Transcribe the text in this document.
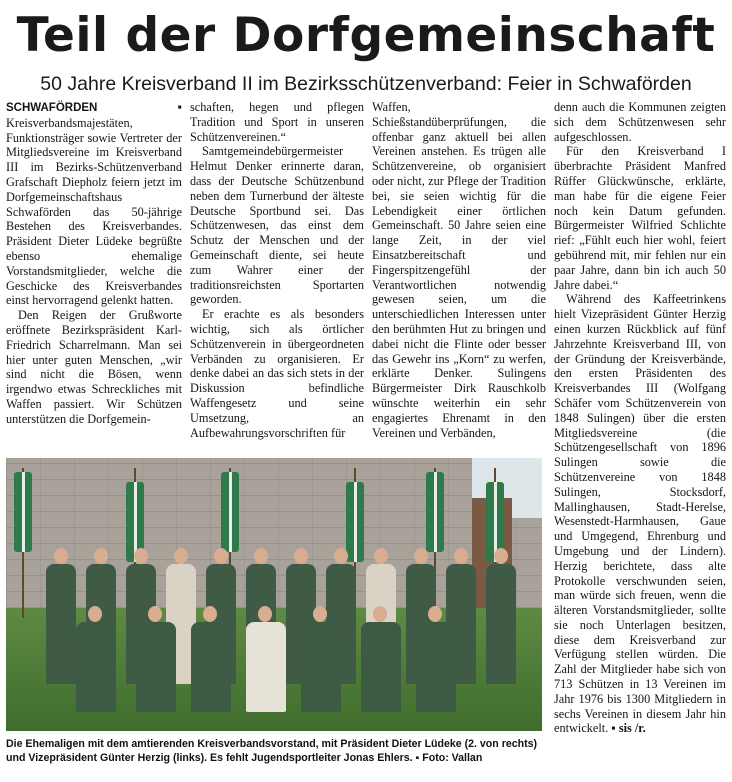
Teil der Dorfgemeinschaft
50 Jahre Kreisverband II im Bezirksschützenverband: Feier in Schwaförden

SCHWAFÖRDEN	▪ Kreisverbandsmajestäten, Funktionsträger sowie Vertreter der Mitgliedsvereine im Kreisverband III im Bezirks-Schützenverband Grafschaft Diepholz feiern jetzt im Dorfgemeinschaftshaus Schwaförden das 50-jährige Bestehen des Kreisverbandes. Präsident Dieter Lüdeke begrüßte ebenso ehemalige Vorstandsmitglieder, welche die Geschicke des Kreisverbandes einst hervorragend gelenkt hatten.

Den Reigen der Grußworte eröffnete Bezirkspräsident Karl-Friedrich Scharrelmann. Man sei hier unter guten Menschen, „wir sind nicht die Bösen, wenn irgendwo etwas Schreckliches mit Waffen passiert. Wir Schützen unterstützen die Dorfgemein-

schaften, hegen und pflegen Tradition und Sport in unseren Schützenvereinen.“

Samtgemeindebürgermeister Helmut Denker erinnerte daran, dass der Deutsche Schützenbund neben dem Turnerbund der älteste Deutsche Sportbund sei. Das Schützenwesen, das einst dem Schutz der Menschen und der Gemeinschaft diente, sei heute zum Wahrer einer der traditionsreichsten Sportarten geworden.

Er erachte es als besonders wichtig, sich als örtlicher Schützenverein in übergeordneten Verbänden zu organisieren. Er denke dabei an das sich stets in der Diskussion befindliche Waffengesetz und seine Umsetzung, an Aufbewahrungsvorschriften für

Waffen, Schießstandüberprüfungen, die offenbar ganz aktuell bei allen Vereinen anstehen. Es trügen alle Schützenvereine, ob organisiert oder nicht, zur Pflege der Tradition bei, sie seien wichtig für die Lebendigkeit einer örtlichen Gemeinschaft. 50 Jahre seien eine lange Zeit, in der viel Einsatzbereitschaft und Fingerspitzengefühl der Verantwortlichen notwendig gewesen seien, um die unterschiedlichen Interessen unter den berühmten Hut zu bringen und dabei nicht die Flinte oder besser das Gewehr ins „Korn“ zu werfen, erklärte Denker. Sulingens Bürgermeister Dirk Rauschkolb wünschte weiterhin ein sehr engagiertes Ehrenamt in den Vereinen und Verbänden,

denn auch die Kommunen zeigten sich dem Schützenwesen sehr aufgeschlossen.

Für den Kreisverband I überbrachte Präsident Manfred Rüffer Glückwünsche, erklärte, man habe für die eigene Feier noch kein Datum gefunden. Bürgermeister Wilfried Schlichte rief: „Fühlt euch hier wohl, feiert gebührend mit, mir fehlen nur ein paar Jahre, dann bin ich auch 50 Jahre dabei.“

Während des Kaffeetrinkens hielt Vizepräsident Günter Herzig einen kurzen Rückblick auf fünf Jahrzehnte Kreisverband III, von der Gründung der Kreisverbände, den ersten Präsidenten des Kreisverbandes III (Wolfgang Schäfer vom Schützenverein von 1848 Sulingen) über die ersten Mitgliedsvereine (die Schützengesellschaft von 1896 Sulingen sowie die Schützenvereine von 1848 Sulingen, Stocksdorf, Mallinghausen, Stadt-Herelse, Wesenstedt-Harmhausen, Gaue und Umgegend, Ehrenburg und Umgebung und der Lindern). Herzig berichtete, dass alte Protokolle verschwunden seien, man würde sich freuen, wenn die älteren Vorstandsmitglieder, sollte sie noch Unterlagen besitzen, diese dem Kreisverband zur Verfügung stellen würden. Die Zahl der Mitglieder habe sich von 713 Schützen in 13 Vereinen im Jahr 1976 bis 1300 Mitgliedern in sechs Vereinen in diesem Jahr hin entwickelt. ▪ sis /r.

Die Ehemaligen mit dem amtierenden Kreisverbandsvorstand, mit Präsident Dieter Lüdeke (2. von rechts) und Vizepräsident Günter Herzig (links). Es fehlt Jugendsportleiter Jonas Ehlers. ▪ Foto: Vallan
